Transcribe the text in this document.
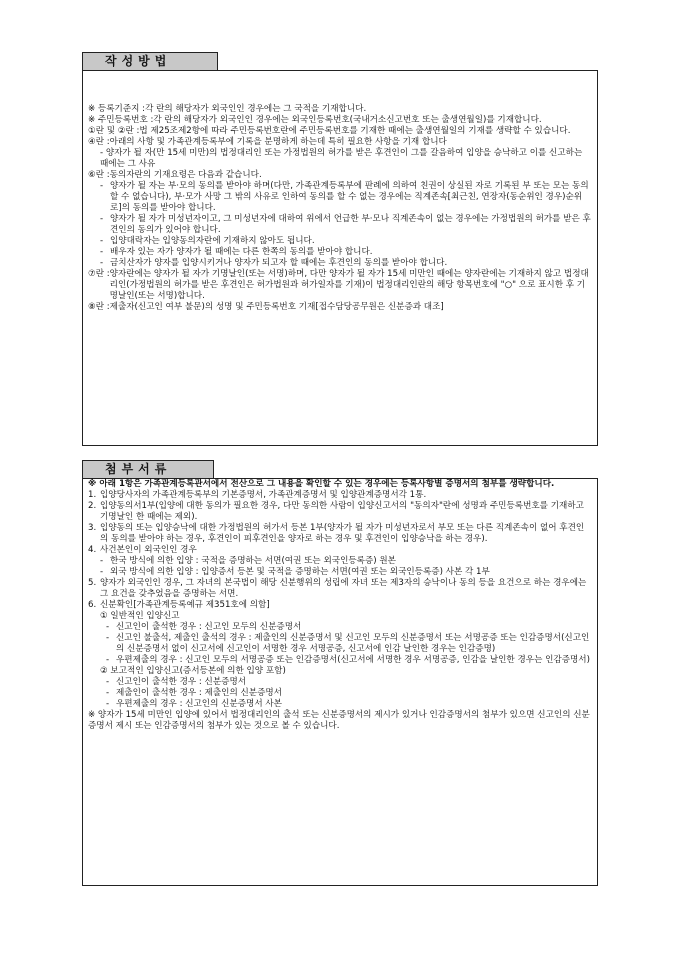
작성방법
※ 등록기준지 : 각 란의 해당자가 외국인인 경우에는 그 국적을 기재합니다.
※ 주민등록번호 : 각 란의 해당자가 외국인인 경우에는 외국인등록번호(국내거소신고번호 또는 출생연월일)를 기재합니다.
①란 및 ②란 : 법 제25조제2항에 따라 주민등록번호란에 주민등록번호를 기재한 때에는 출생연월일의 기재를 생략할 수 있습니다.
④란 : 아래의 사항 및 가족관계등록부에 기록을 분명하게 하는데 특히 필요한 사항을 기재 합니다
- 양자가 될 자(만 15세 미만)의 법정대리인 또는 가정법원의 허가를 받은 후견인이 그를 갈음하여 입양을 승낙하고 이를 신고하는 때에는 그 사유
⑥란 : 동의자란의 기재요령은 다음과 같습니다.
- 양자가 될 자는 부·모의 동의를 받아야 하며(다만, 가족관계등록부에 판례에 의하여 친권이 상실된 자로 기록된 부 또는 모는 동의할 수 없습니다), 부·모가 사망 그 밖의 사유로 인하여 동의를 할 수 없는 경우에는 직계존속[최근친, 연장자(동순위인 경우)순위로]의 동의를 받아야 합니다.
- 양자가 될 자가 미성년자이고, 그 미성년자에 대하여 위에서 언급한 부·모나 직계존속이 없는 경우에는 가정법원의 허가를 받은 후견인의 동의가 있어야 합니다.
- 입양대락자는 입양동의자란에 기재하지 않아도 됩니다.
- 배우자 있는 자가 양자가 될 때에는 다른 한쪽의 동의를 받아야 합니다.
- 금치산자가 양자를 입양시키거나 양자가 되고자 할 때에는 후견인의 동의를 받아야 합니다.
⑦란 : 양자란에는 양자가 될 자가 기명날인(또는 서명)하며, 다만 양자가 될 자가 15세 미만인 때에는 양자란에는 기재하지 않고 법정대리인(가정법원의 허가를 받은 후견인은 허가법원과 허가일자를 기재)이 법정대리인란의 해당 항목번호에 "○" 으로 표시한 후 기명날인(또는 서명)합니다.
⑧란 : 제출자(신고인 여부 불문)의 성명 및 주민등록번호 기재[접수담당공무원은 신분증과 대조]
첨부서류
※ 아래 1항은 가족관계등록관서에서 전산으로 그 내용을 확인할 수 있는 경우에는 등록사항별 증명서의 첨부를 생략합니다.
1. 입양당사자의 가족관계등록부의 기본증명서, 가족관계증명서 및 입양관계증명서각 1통.
2. 입양동의서1부(입양에 대한 동의가 필요한 경우, 다만 동의한 사람이 입양신고서의 "동의자"란에 성명과 주민등록번호를 기재하고 기명날인 한 때에는 제외).
3. 입양동의 또는 입양승낙에 대한 가정법원의 허가서 등본 1부(양자가 될 자가 미성년자로서 부모 또는 다른 직계존속이 없어 후견인의 동의를 받아야 하는 경우, 후견인이 피후견인을 양자로 하는 경우 및 후견인이 입양승낙을 하는 경우).
4. 사건본인이 외국인인 경우
- 한국 방식에 의한 입양 : 국적을 증명하는 서면(여권 또는 외국인등록증) 원본
- 외국 방식에 의한 입양 : 입양증서 등본 및 국적을 증명하는 서면(여권 또는 외국인등록증) 사본 각 1부
5. 양자가 외국인인 경우, 그 자녀의 본국법이 해당 신분행위의 성립에 자녀 또는 제3자의 승낙이나 동의 등을 요건으로 하는 경우에는 그 요건을 갖추었음을 증명하는 서면.
6. 신분확인[가족관계등록예규 제351호에 의함]
① 일반적인 입양신고
- 신고인이 출석한 경우 : 신고인 모두의 신분증명서
- 신고인 불출석, 제출인 출석의 경우 : 제출인의 신분증명서 및 신고인 모두의 신분증명서 또는 서명공증 또는 인감증명서(신고인의 신분증명서 없이 신고서에 신고인이 서명한 경우 서명공증, 신고서에 인감 날인한 경우는 인감증명)
- 우편제출의 경우 : 신고인 모두의 서명공증 또는 인감증명서(신고서에 서명한 경우 서명공증, 인감을 날인한 경우는 인감증명서)
② 보고적인 입양신고(증서등본에 의한 입양 포함)
- 신고인이 출석한 경우 : 신분증명서
- 제출인이 출석한 경우 : 제출인의 신분증명서
- 우편제출의 경우 : 신고인의 신분증명서 사본
※ 양자가 15세 미만인 입양에 있어서 법정대리인의 출석 또는 신분증명서의 제시가 있거나 인감증명서의 첨부가 있으면 신고인의 신분증명서 제시 또는 인감증명서의 첨부가 있는 것으로 볼 수 있습니다.
